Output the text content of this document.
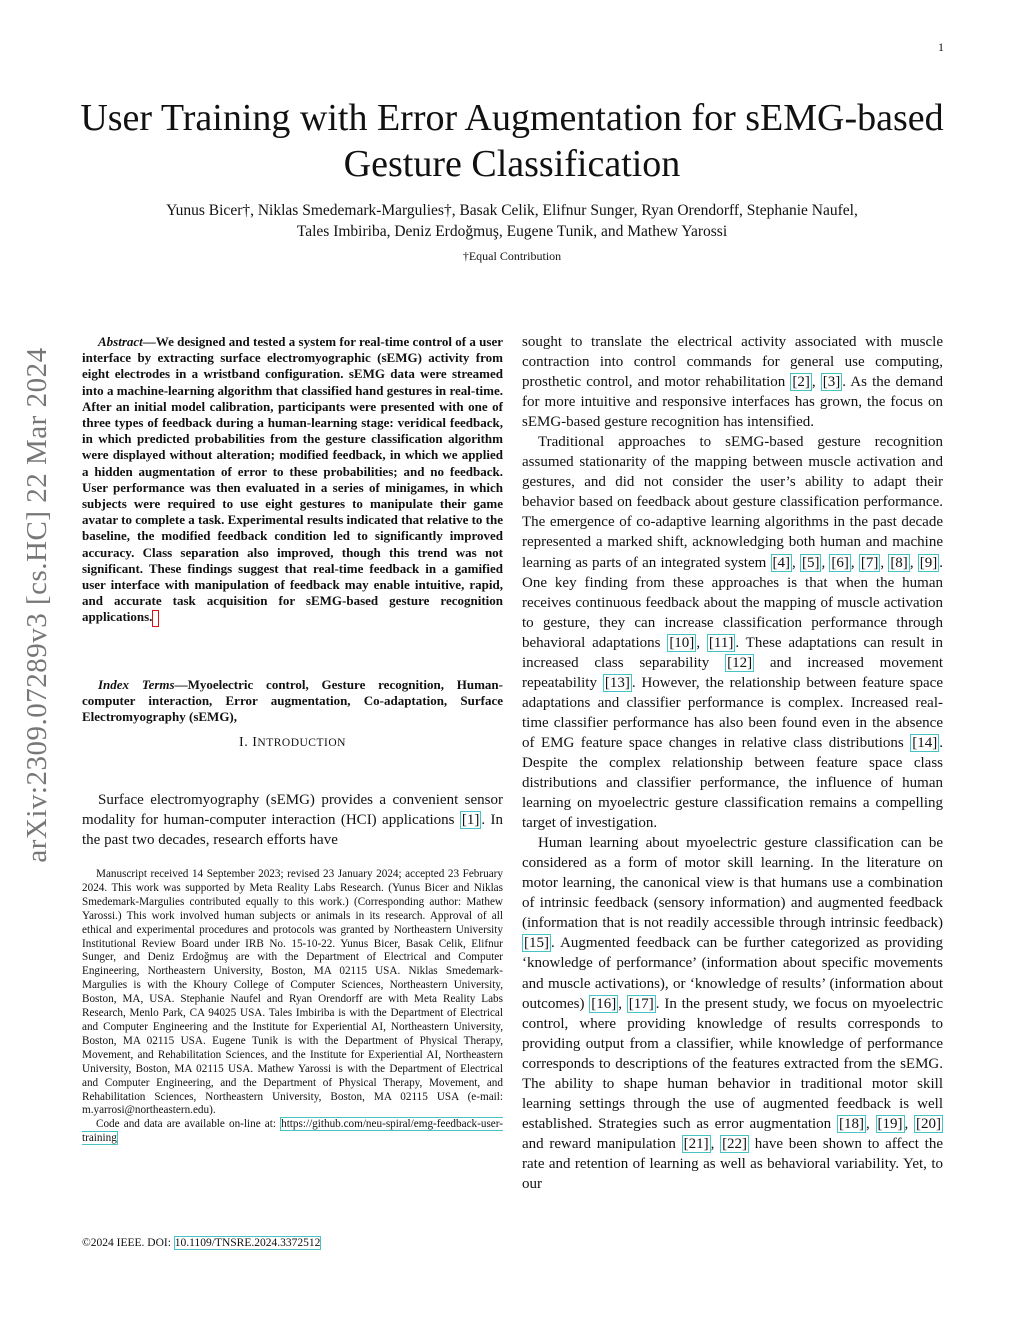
1
arXiv:2309.07289v3 [cs.HC] 22 Mar 2024
User Training with Error Augmentation for sEMG-based Gesture Classification
Yunus Bicer†, Niklas Smedemark-Margulies†, Basak Celik, Elifnur Sunger, Ryan Orendorff, Stephanie Naufel,
Tales Imbiriba, Deniz Erdoğmuş, Eugene Tunik, and Mathew Yarossi
†Equal Contribution
Abstract—We designed and tested a system for real-time control of a user interface by extracting surface electromyographic (sEMG) activity from eight electrodes in a wristband configuration. sEMG data were streamed into a machine-learning algorithm that classified hand gestures in real-time. After an initial model calibration, participants were presented with one of three types of feedback during a human-learning stage: veridical feedback, in which predicted probabilities from the gesture classification algorithm were displayed without alteration; modified feedback, in which we applied a hidden augmentation of error to these probabilities; and no feedback. User performance was then evaluated in a series of minigames, in which subjects were required to use eight gestures to manipulate their game avatar to complete a task. Experimental results indicated that relative to the baseline, the modified feedback condition led to significantly improved accuracy. Class separation also improved, though this trend was not significant. These findings suggest that real-time feedback in a gamified user interface with manipulation of feedback may enable intuitive, rapid, and accurate task acquisition for sEMG-based gesture recognition applications.
Index Terms—Myoelectric control, Gesture recognition, Human-computer interaction, Error augmentation, Co-adaptation, Surface Electromyography (sEMG),
I. INTRODUCTION
Surface electromyography (sEMG) provides a convenient sensor modality for human-computer interaction (HCI) applications [1] . In the past two decades, research efforts have

Manuscript received 14 September 2023; revised 23 January 2024; accepted 23 February 2024. This work was supported by Meta Reality Labs Research. (Yunus Bicer and Niklas Smedemark-Margulies contributed equally to this work.) (Corresponding author: Mathew Yarossi.) This work involved human subjects or animals in its research. Approval of all ethical and experimental procedures and protocols was granted by Northeastern University Institutional Review Board under IRB No. 15-10-22. Yunus Bicer, Basak Celik, Elifnur Sunger, and Deniz Erdoğmuş are with the Department of Electrical and Computer Engineering, Northeastern University, Boston, MA 02115 USA. Niklas Smedemark-Margulies is with the Khoury College of Computer Sciences, Northeastern University, Boston, MA, USA. Stephanie Naufel and Ryan Orendorff are with Meta Reality Labs Research, Menlo Park, CA 94025 USA. Tales Imbiriba is with the Department of Electrical and Computer Engineering and the Institute for Experiential AI, Northeastern University, Boston, MA 02115 USA. Eugene Tunik is with the Department of Physical Therapy, Movement, and Rehabilitation Sciences, and the Institute for Experiential AI, Northeastern University, Boston, MA 02115 USA. Mathew Yarossi is with the Department of Electrical and Computer Engineering, and the Department of Physical Therapy, Movement, and Rehabilitation Sciences, Northeastern University, Boston, MA 02115 USA (e-mail: m.yarrosi@northeastern.edu).

Code and data are available on-line at: https://github.com/neu-spiral/emg-feedback-user-training

©2024 IEEE. DOI: 10.1109/TNSRE.2024.3372512

sought to translate the electrical activity associated with muscle contraction into control commands for general use computing, prosthetic control, and motor rehabilitation [2] , [3] . As the demand for more intuitive and responsive interfaces has grown, the focus on sEMG-based gesture recognition has intensified.

Traditional approaches to sEMG-based gesture recognition assumed stationarity of the mapping between muscle activation and gestures, and did not consider the user’s ability to adapt their behavior based on feedback about gesture classification performance. The emergence of co-adaptive learning algorithms in the past decade represented a marked shift, acknowledging both human and machine learning as parts of an integrated system [4] , [5] , [6] , [7] , [8] , [9] . One key finding from these approaches is that when the human receives continuous feedback about the mapping of muscle activation to gesture, they can increase classification performance through behavioral adaptations [10] , [11] . These adaptations can result in increased class separability [12] and increased movement repeatability [13] . However, the relationship between feature space adaptations and classifier performance is complex. Increased real-time classifier performance has also been found even in the absence of EMG feature space changes in relative class distributions [14] . Despite the complex relationship between feature space class distributions and classifier performance, the influence of human learning on myoelectric gesture classification remains a compelling target of investigation.

Human learning about myoelectric gesture classification can be considered as a form of motor skill learning. In the literature on motor learning, the canonical view is that humans use a combination of intrinsic feedback (sensory information) and augmented feedback (information that is not readily accessible through intrinsic feedback) [15] . Augmented feedback can be further categorized as providing ‘knowledge of performance’ (information about specific movements and muscle activations), or ‘knowledge of results’ (information about outcomes) [16] , [17] . In the present study, we focus on myoelectric control, where providing knowledge of results corresponds to providing output from a classifier, while knowledge of performance corresponds to descriptions of the features extracted from the sEMG. The ability to shape human behavior in traditional motor skill learning settings through the use of augmented feedback is well established. Strategies such as error augmentation [18] , [19] , [20] and reward manipulation [21] , [22] have been shown to affect the rate and retention of learning as well as behavioral variability. Yet, to our
